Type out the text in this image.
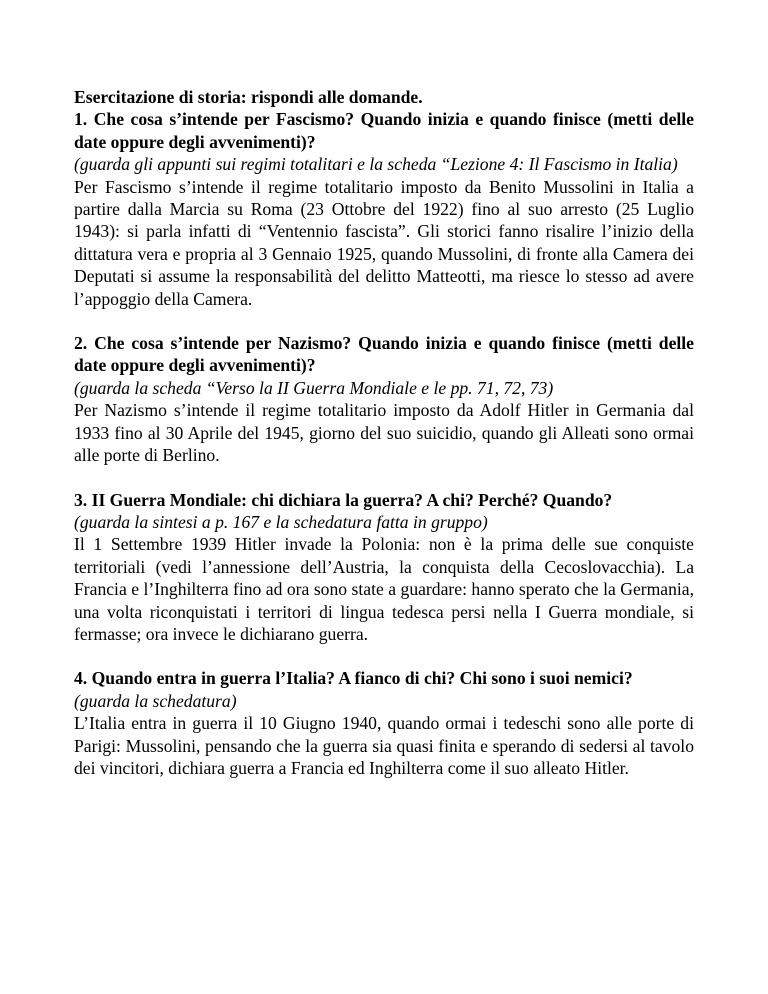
Esercitazione di storia: rispondi alle domande.

1. Che cosa s’intende per Fascismo? Quando inizia e quando finisce (metti delle date oppure degli avvenimenti)?

(guarda gli appunti sui regimi totalitari e la scheda “Lezione 4: Il Fascismo in Italia)

Per Fascismo s’intende il regime totalitario imposto da Benito Mussolini in Italia a partire dalla Marcia su Roma (23 Ottobre del 1922) fino al suo arresto (25 Luglio 1943): si parla infatti di “Ventennio fascista”. Gli storici fanno risalire l’inizio della dittatura vera e propria al 3 Gennaio 1925, quando Mussolini, di fronte alla Camera dei Deputati si assume la responsabilità del delitto Matteotti, ma riesce lo stesso ad avere l’appoggio della Camera.

2. Che cosa s’intende per Nazismo? Quando inizia e quando finisce (metti delle date oppure degli avvenimenti)?

(guarda la scheda “Verso la II Guerra Mondiale e le pp. 71, 72, 73)

Per Nazismo s’intende il regime totalitario imposto da Adolf Hitler in Germania dal 1933 fino al 30 Aprile del 1945, giorno del suo suicidio, quando gli Alleati sono ormai alle porte di Berlino.

3. II Guerra Mondiale: chi dichiara la guerra? A chi? Perché? Quando?

(guarda la sintesi a p. 167 e la schedatura fatta in gruppo)

Il 1 Settembre 1939 Hitler invade la Polonia: non è la prima delle sue conquiste territoriali (vedi l’annessione dell’Austria, la conquista della Cecoslovacchia). La Francia e l’Inghilterra fino ad ora sono state a guardare: hanno sperato che la Germania, una volta riconquistati i territori di lingua tedesca persi nella I Guerra mondiale, si fermasse; ora invece le dichiarano guerra.

4. Quando entra in guerra l’Italia? A fianco di chi? Chi sono i suoi nemici?

(guarda la schedatura)

L’Italia entra in guerra il 10 Giugno 1940, quando ormai i tedeschi sono alle porte di Parigi: Mussolini, pensando che la guerra sia quasi finita e sperando di sedersi al tavolo dei vincitori, dichiara guerra a Francia ed Inghilterra come il suo alleato Hitler.
